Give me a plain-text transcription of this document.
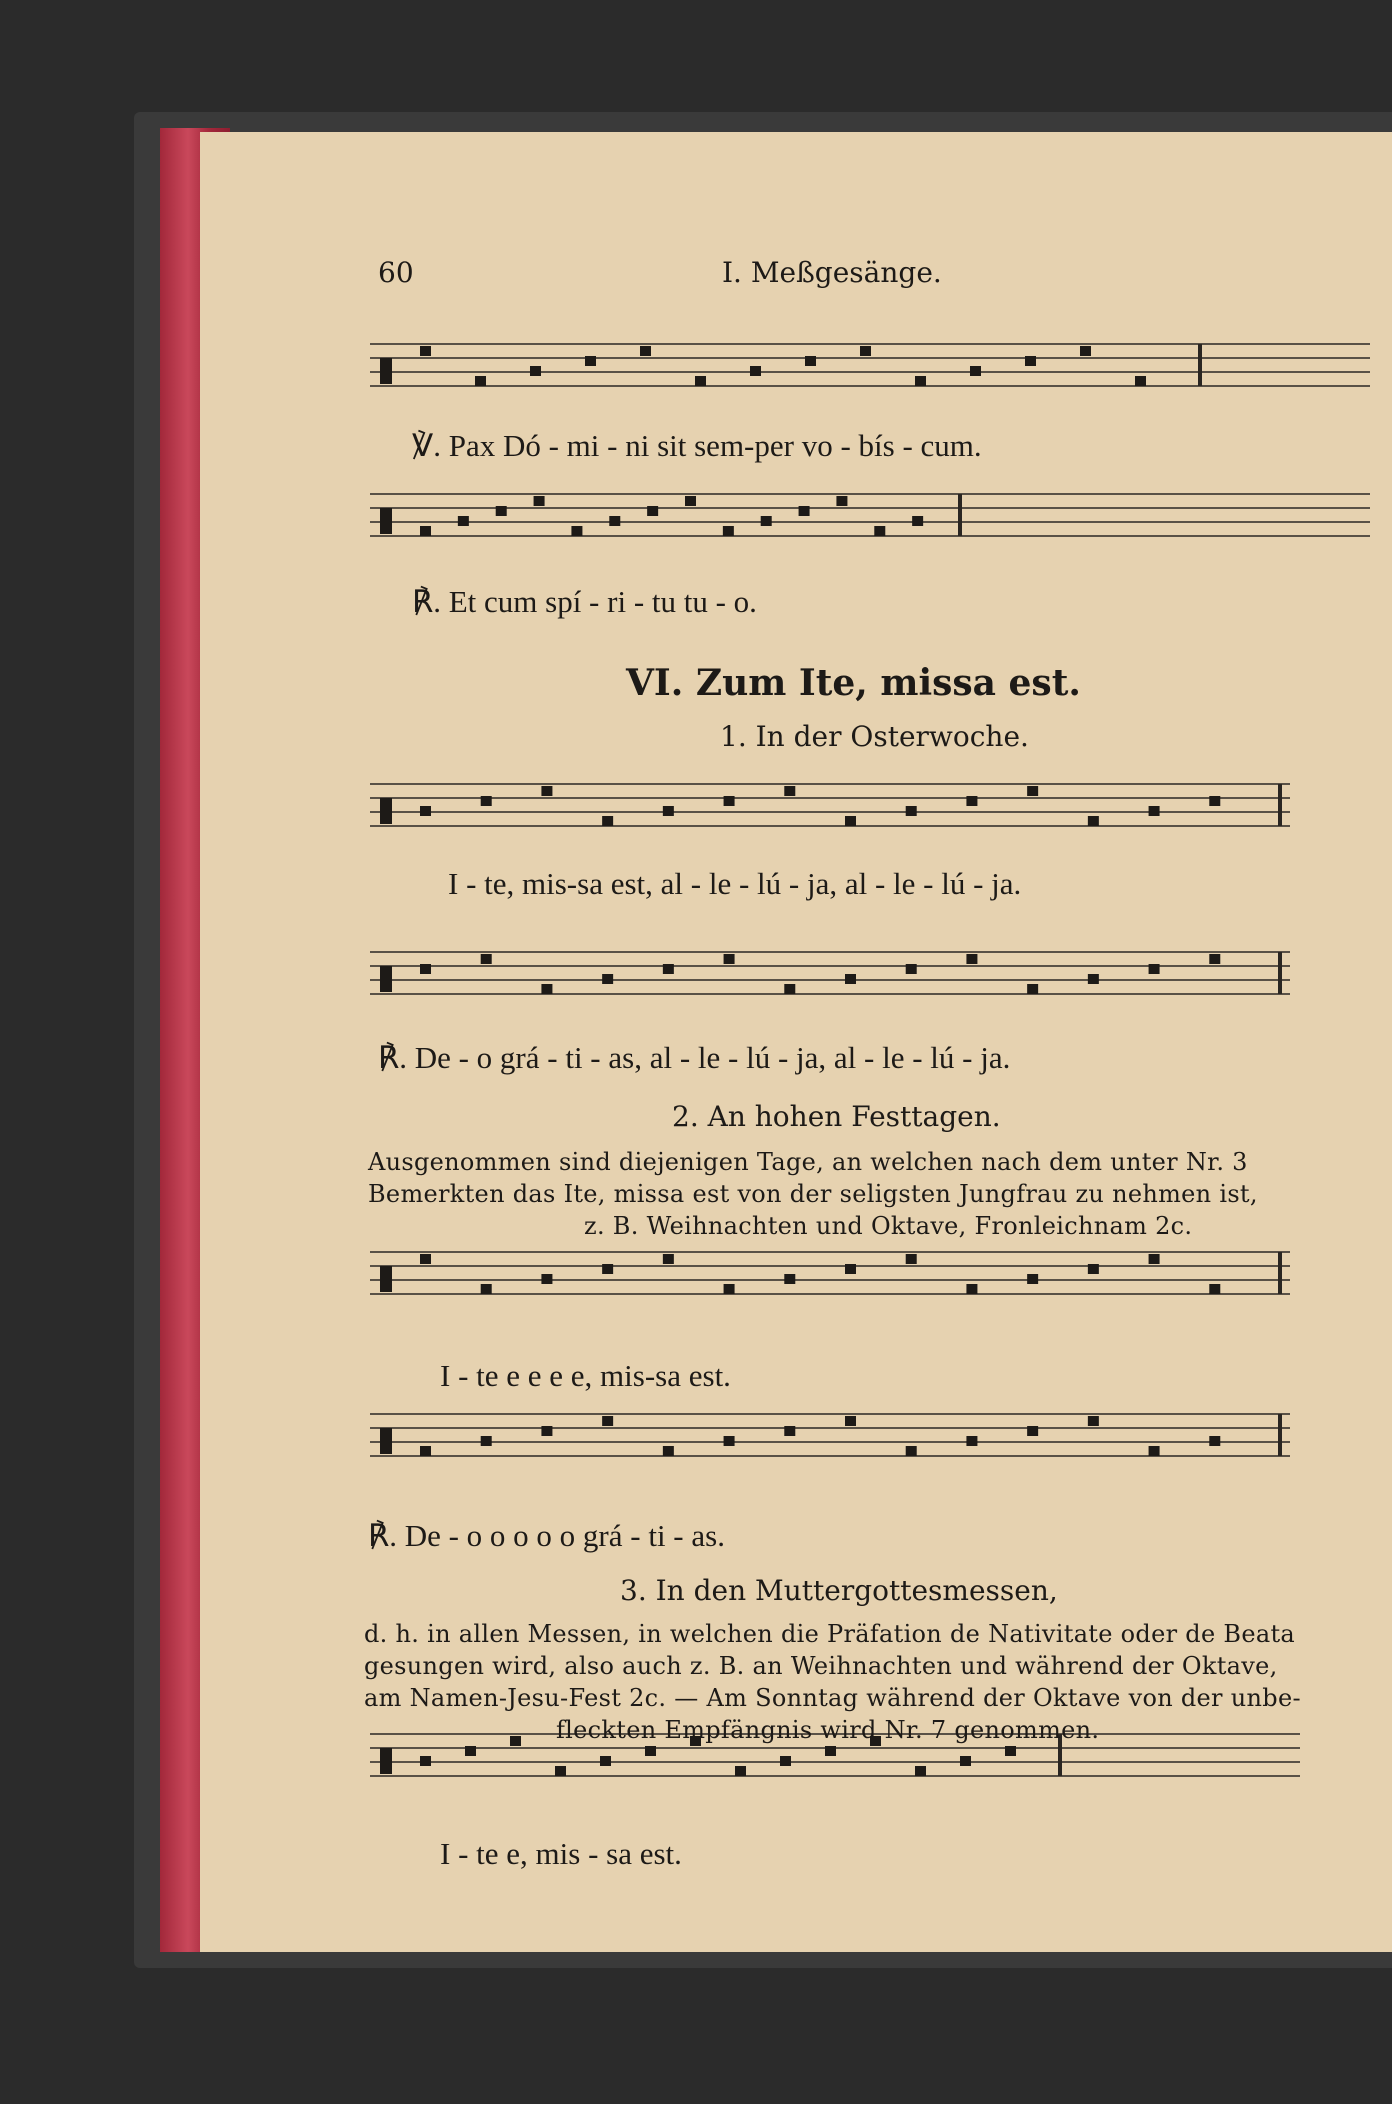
60	I. Meßgesänge.
℣. Pax Dó - mi - ni sit sem-per vo - bís - cum.
℟. Et cum spí - ri - tu tu - o.
VI. Zum Ite, missa est.
1. In der Osterwoche.
I - te, mis-sa est, al - le - lú - ja, al - le - lú - ja.
℟. De - o grá - ti - as, al - le - lú - ja, al - le - lú - ja.
2. An hohen Festtagen.
Ausgenommen sind diejenigen Tage, an welchen nach dem unter Nr. 3
Bemerkten das Ite, missa est von der seligsten Jungfrau zu nehmen ist,
z. B. Weihnachten und Oktave, Fronleichnam 2c.
I - te e e e e, mis-sa est.
℟. De - o o o o o grá - ti - as.
3. In den Muttergottesmessen,
d. h. in allen Messen, in welchen die Präfation de Nativitate oder de Beata
gesungen wird, also auch z. B. an Weihnachten und während der Oktave,
am Namen-Jesu-Fest 2c. — Am Sonntag während der Oktave von der unbe-
fleckten Empfängnis wird Nr. 7 genommen.
I - te e, mis - sa est.
